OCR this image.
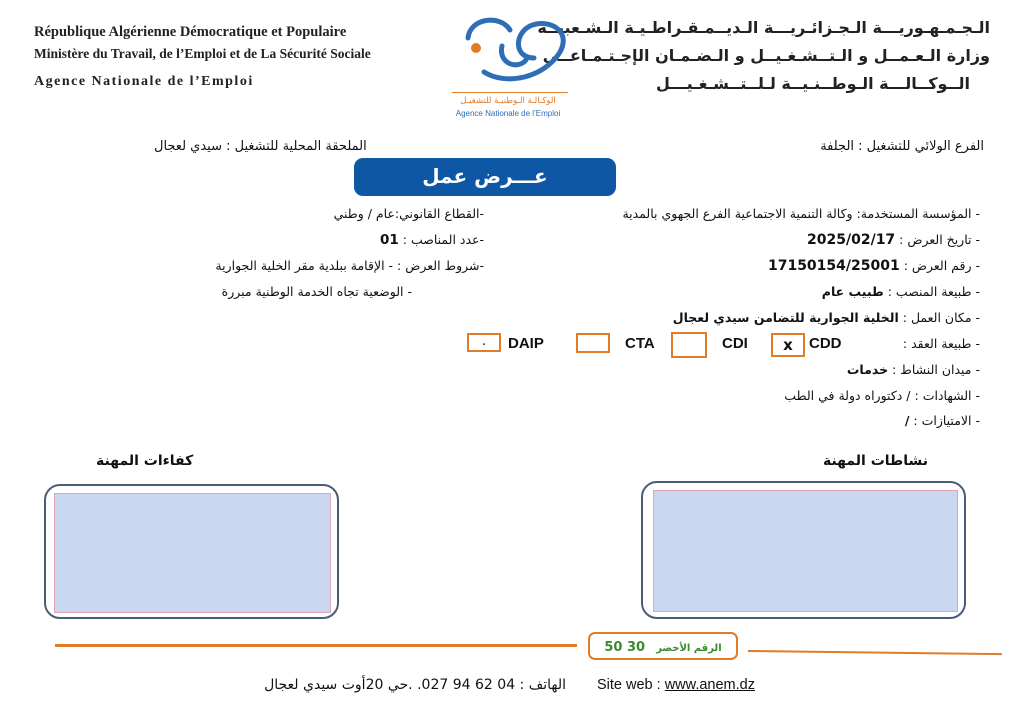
République Algérienne Démocratique et Populaire
Ministère du Travail, de l’Emploi et de La Sécurité Sociale
Agence Nationale de l’Emploi
الـجـمـهـوريـــة الـجـزائـريـــة الـديــمـقـراطـيـة الـشـعبيــة
وزارة الـعـمــل و الـتــشـغـيــل و الـضـمـان الإجـتـمـاعــي
الــوكــالـــة الـوطــنـيــة لـلــتــشـغـيـــل
الوكـالـة الـوطنيـة للتشغيـل
Agence Nationale de l’Emploi
الفرع الولائي للتشغيل : الجلفة
الملحقة المحلية للتشغيل : سيدي لعجال
عـــرض عمل
- المؤسسة المستخدمة: وكالة التنمية الاجتماعية الفرع الجهوي بالمدية
- تاريخ العرض : 2025/02/17
- رقم العرض : 17150154/25001
- طبيعة المنصب : طبيب عام
- مكان العمل : الخلية الجوارية للتضامن سيدي لعجال
- طبيعة العقد :
- ميدان النشاط : خدمات
- الشهادات : / دكتوراه دولة في الطب
- الامتيازات : /
CDD
x
CDI
CTA
DAIP
.
-القطاع القانوني:عام / وطني
-عدد المناصب : 01
-شروط العرض : - الإقامة ببلدية مقر الخلية الجوارية
- الوضعية تجاه الخدمة الوطنية مبررة
نشاطات المهنة
كفاءات المهنة
الرقم الأخضر 30 50
الهاتف : 04 62 94 027. .حي 20أوت سيدي لعجال Site web : www.anem.dz
